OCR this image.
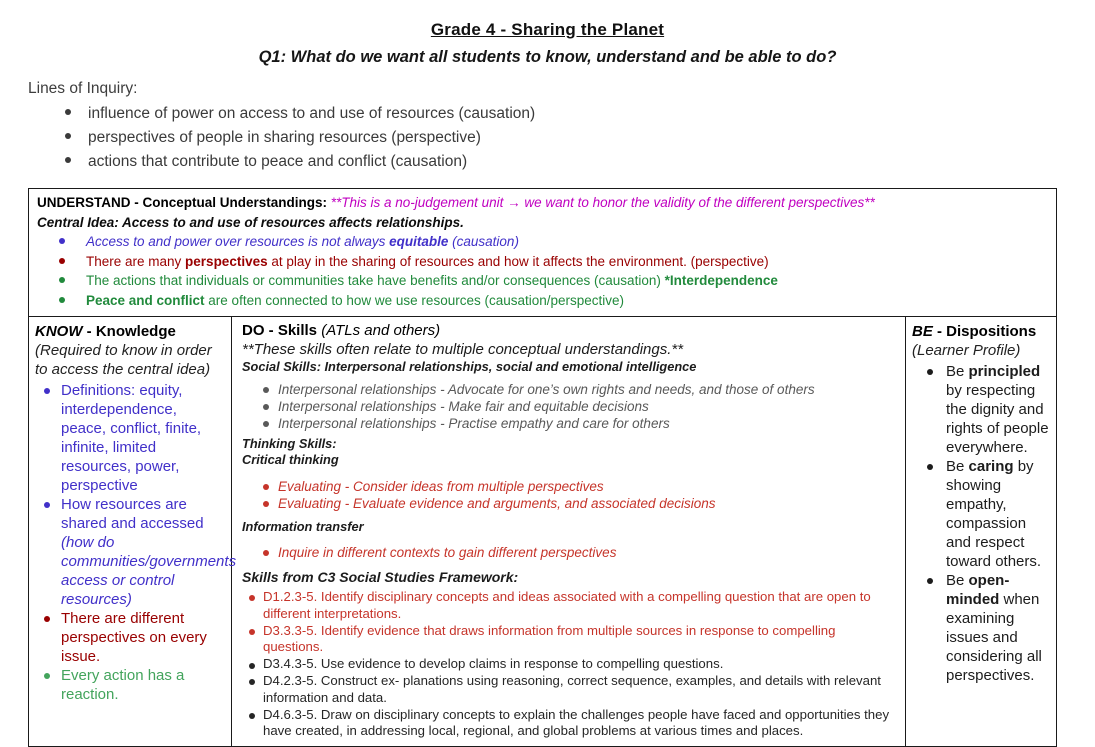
Grade 4 - Sharing the Planet
Q1: What do we want all students to know, understand and be able to do?
Lines of Inquiry:
influence of power on access to and use of resources (causation)
perspectives of people in sharing resources (perspective)
actions that contribute to peace and conflict (causation)
UNDERSTAND - Conceptual Understandings: **This is a no-judgement unit → we want to honor the validity of the different perspectives**
Central Idea: Access to and use of resources affects relationships.
Access to and power over resources is not always equitable (causation)
There are many perspectives at play in the sharing of resources and how it affects the environment. (perspective)
The actions that individuals or communities take have benefits and/or consequences (causation) *Interdependence
Peace and conflict are often connected to how we use resources (causation/perspective)

KNOW - Knowledge
(Required to know in order to access the central idea)
Definitions: equity, interdependence, peace, conflict, finite, infinite, limited resources, power, perspective
How resources are shared and accessed (how do communities/governments access or control resources)
There are different perspectives on every issue.
Every action has a reaction.

DO - Skills (ATLs and others)
**These skills often relate to multiple conceptual understandings.**
Social Skills: Interpersonal relationships, social and emotional intelligence
Interpersonal relationships - Advocate for one’s own rights and needs, and those of others
Interpersonal relationships - Make fair and equitable decisions
Interpersonal relationships - Practise empathy and care for others
Thinking Skills:
Critical thinking
Evaluating - Consider ideas from multiple perspectives
Evaluating - Evaluate evidence and arguments, and associated decisions
Information transfer
Inquire in different contexts to gain different perspectives
Skills from C3 Social Studies Framework:
D1.2.3-5. Identify disciplinary concepts and ideas associated with a compelling question that are open to different interpretations.
D3.3.3-5. Identify evidence that draws information from multiple sources in response to compelling questions.
D3.4.3-5. Use evidence to develop claims in response to compelling questions.
D4.2.3-5. Construct ex- planations using reasoning, correct sequence, examples, and details with relevant information and data.
D4.6.3-5. Draw on disciplinary concepts to explain the challenges people have faced and opportunities they have created, in addressing local, regional, and global problems at various times and places.

BE - Dispositions
(Learner Profile)
Be principled by respecting the dignity and rights of people everywhere.
Be caring by showing empathy, compassion and respect toward others.
Be open-minded when examining issues and considering all perspectives.
